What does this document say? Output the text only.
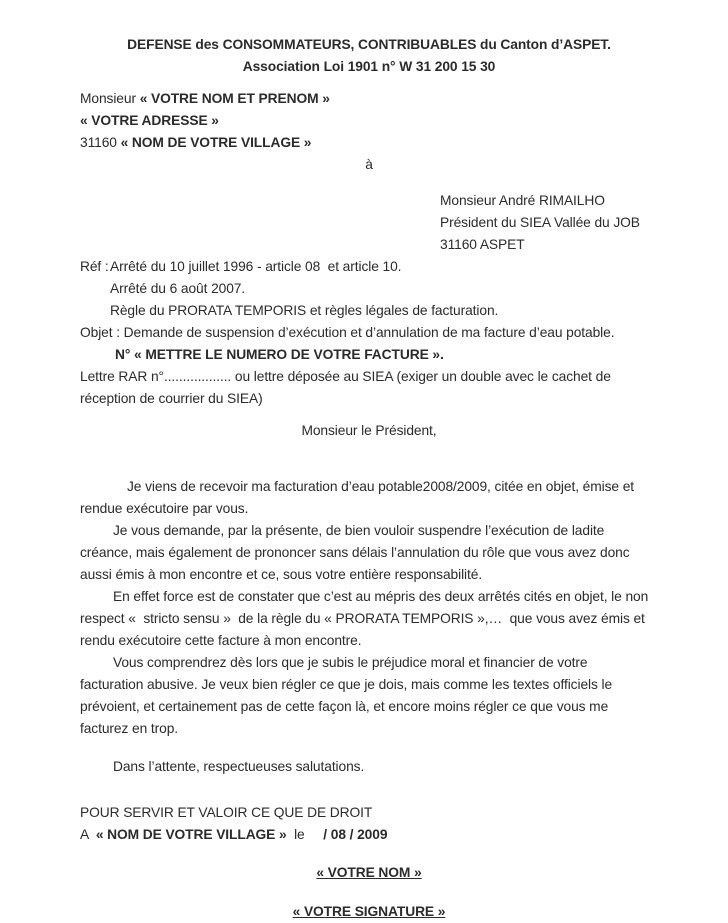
DEFENSE des CONSOMMATEURS, CONTRIBUABLES du Canton d’ASPET.
Association Loi 1901 n° W 31 200 15 30
Monsieur « VOTRE NOM ET PRENOM »
« VOTRE ADRESSE »
31160 « NOM DE VOTRE VILLAGE »
à
Monsieur André RIMAILHO
Président du SIEA Vallée du JOB
31160 ASPET
Réf : Arrêté du 10 juillet 1996 - article 08  et article 10.
Arrêté du 6 août 2007.
Règle du PRORATA TEMPORIS et règles légales de facturation.
Objet : Demande de suspension d’exécution et d’annulation de ma facture d’eau potable.
N° « METTRE LE NUMERO DE VOTRE FACTURE ».
Lettre RAR n°.................. ou lettre déposée au SIEA (exiger un double avec le cachet de réception de courrier du SIEA)
Monsieur le Président,
Je viens de recevoir ma facturation d’eau potable2008/2009, citée en objet, émise et rendue exécutoire par vous.
Je vous demande, par la présente, de bien vouloir suspendre l’exécution de ladite créance, mais également de prononcer sans délais l’annulation du rôle que vous avez donc aussi émis à mon encontre et ce, sous votre entière responsabilité.
En effet force est de constater que c’est au mépris des deux arrêtés cités en objet, le non respect «  stricto sensu »  de la règle du « PRORATA TEMPORIS »,…  que vous avez émis et rendu exécutoire cette facture à mon encontre.
Vous comprendrez dès lors que je subis le préjudice moral et financier de votre  facturation abusive. Je veux bien régler ce que je dois, mais comme les textes officiels le prévoient, et certainement pas de cette façon là, et encore moins régler ce que vous me facturez en trop.
Dans l’attente, respectueuses salutations.
POUR SERVIR ET VALOIR CE QUE DE DROIT
A  « NOM DE VOTRE VILLAGE »  le     / 08 / 2009
« VOTRE NOM »
« VOTRE SIGNATURE »
